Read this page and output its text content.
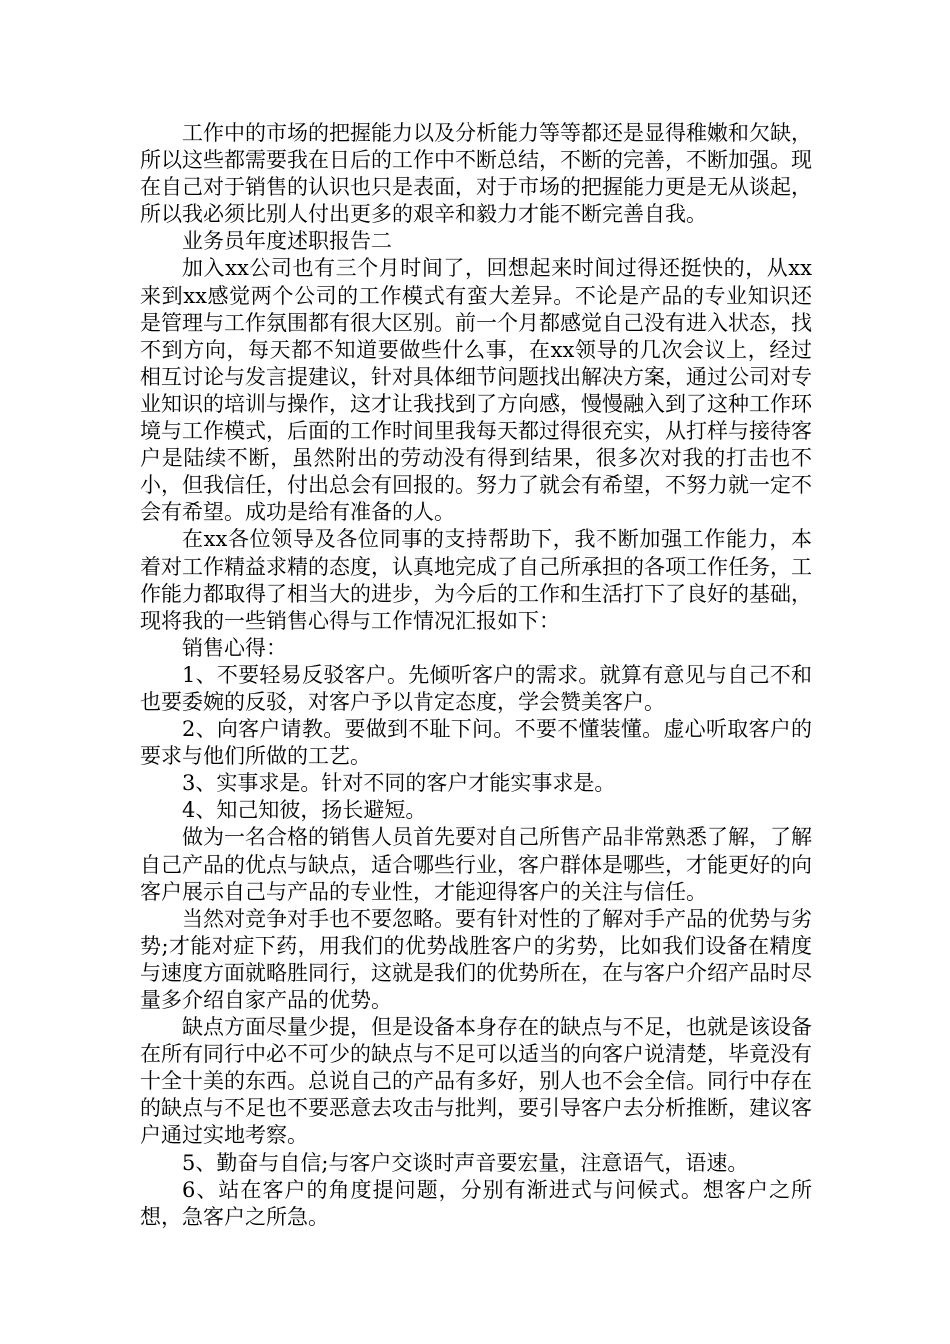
工作中的市场的把握能力以及分析能力等等都还是显得稚嫩和欠缺，所以这些都需要我在日后的工作中不断总结，不断的完善，不断加强。现在自己对于销售的认识也只是表面，对于市场的把握能力更是无从谈起，所以我必须比别人付出更多的艰辛和毅力才能不断完善自我。

业务员年度述职报告二

加入xx公司也有三个月时间了，回想起来时间过得还挺快的，从xx来到xx感觉两个公司的工作模式有蛮大差异。不论是产品的专业知识还是管理与工作氛围都有很大区别。前一个月都感觉自己没有进入状态，找不到方向，每天都不知道要做些什么事，在xx领导的几次会议上，经过相互讨论与发言提建议，针对具体细节问题找出解决方案，通过公司对专业知识的培训与操作，这才让我找到了方向感，慢慢融入到了这种工作环境与工作模式，后面的工作时间里我每天都过得很充实，从打样与接待客户是陆续不断，虽然附出的劳动没有得到结果，很多次对我的打击也不小，但我信任，付出总会有回报的。努力了就会有希望，不努力就一定不会有希望。成功是给有准备的人。

在xx各位领导及各位同事的支持帮助下，我不断加强工作能力，本着对工作精益求精的态度，认真地完成了自己所承担的各项工作任务，工作能力都取得了相当大的进步，为今后的工作和生活打下了良好的基础，现将我的一些销售心得与工作情况汇报如下：

销售心得：

1、不要轻易反驳客户。先倾听客户的需求。就算有意见与自己不和也要委婉的反驳，对客户予以肯定态度，学会赞美客户。

2、向客户请教。要做到不耻下问。不要不懂装懂。虚心听取客户的要求与他们所做的工艺。

3、实事求是。针对不同的客户才能实事求是。

4、知己知彼，扬长避短。

做为一名合格的销售人员首先要对自己所售产品非常熟悉了解，了解自己产品的优点与缺点，适合哪些行业，客户群体是哪些，才能更好的向客户展示自己与产品的专业性，才能迎得客户的关注与信任。

当然对竞争对手也不要忽略。要有针对性的了解对手产品的优势与劣势;才能对症下药，用我们的优势战胜客户的劣势，比如我们设备在精度与速度方面就略胜同行，这就是我们的优势所在，在与客户介绍产品时尽量多介绍自家产品的优势。

缺点方面尽量少提，但是设备本身存在的缺点与不足，也就是该设备在所有同行中必不可少的缺点与不足可以适当的向客户说清楚，毕竟没有十全十美的东西。总说自己的产品有多好，别人也不会全信。同行中存在的缺点与不足也不要恶意去攻击与批判，要引导客户去分析推断，建议客户通过实地考察。

5、勤奋与自信;与客户交谈时声音要宏量，注意语气，语速。

6、站在客户的角度提问题，分别有渐进式与问候式。想客户之所想，急客户之所急。
